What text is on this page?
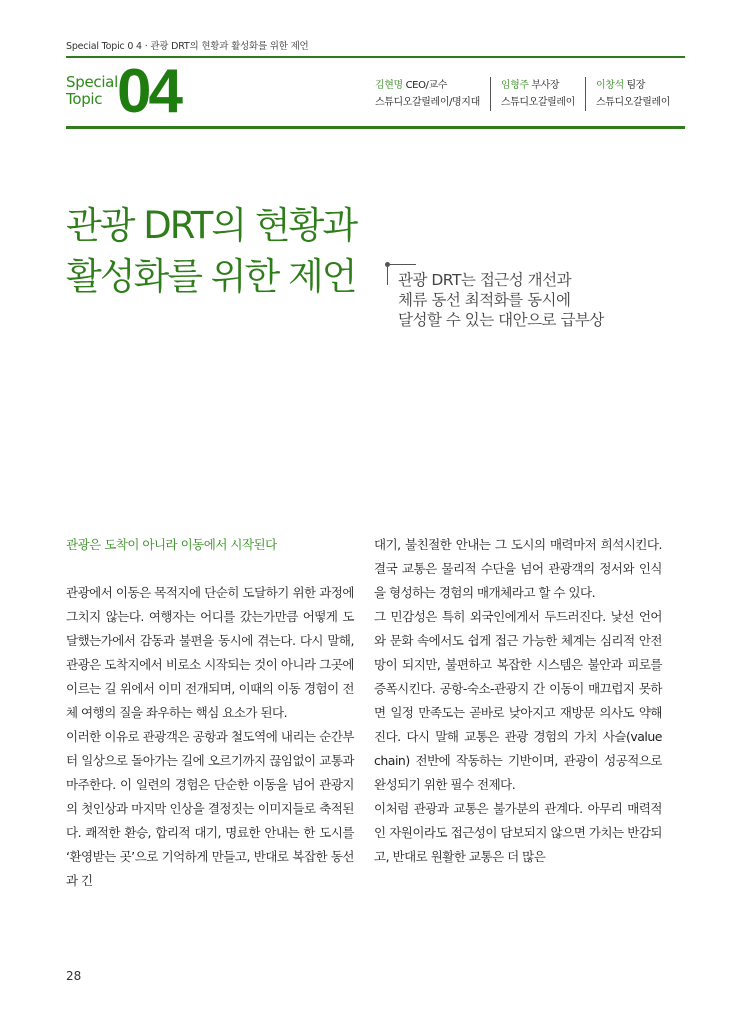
Special Topic 0 4 · 관광 DRT의 현황과 활성화를 위한 제언
Special
Topic 04	김현명 CEO/교수
스튜디오갈릴레이/명지대
임형주 부사장
스튜디오갈릴레이
이창석 팀장
스튜디오갈릴레이
관광 DRT의 현황과
활성화를 위한 제언	관광 DRT는 접근성 개선과
체류 동선 최적화를 동시에
달성할 수 있는 대안으로 급부상
관광은 도착이 아니라 이동에서 시작된다

관광에서 이동은 목적지에 단순히 도달하기 위한 과정에 그치지 않는다. 여행자는 어디를 갔는가만큼 어떻게 도달했는가에서 감동과 불편을 동시에 겪는다. 다시 말해, 관광은 도착지에서 비로소 시작되는 것이 아니라 그곳에 이르는 길 위에서 이미 전개되며, 이때의 이동 경험이 전체 여행의 질을 좌우하는 핵심 요소가 된다.

이러한 이유로 관광객은 공항과 철도역에 내리는 순간부터 일상으로 돌아가는 길에 오르기까지 끊임없이 교통과 마주한다. 이 일련의 경험은 단순한 이동을 넘어 관광지의 첫인상과 마지막 인상을 결정짓는 이미지들로 축적된다. 쾌적한 환승, 합리적 대기, 명료한 안내는 한 도시를 ‘환영받는 곳’으로 기억하게 만들고, 반대로 복잡한 동선과 긴

대기, 불친절한 안내는 그 도시의 매력마저 희석시킨다. 결국 교통은 물리적 수단을 넘어 관광객의 정서와 인식을 형성하는 경험의 매개체라고 할 수 있다.

그 민감성은 특히 외국인에게서 두드러진다. 낯선 언어와 문화 속에서도 쉽게 접근 가능한 체계는 심리적 안전망이 되지만, 불편하고 복잡한 시스템은 불안과 피로를 증폭시킨다. 공항-숙소-관광지 간 이동이 매끄럽지 못하면 일정 만족도는 곧바로 낮아지고 재방문 의사도 약해진다. 다시 말해 교통은 관광 경험의 가치 사슬(value chain) 전반에 작동하는 기반이며, 관광이 성공적으로 완성되기 위한 필수 전제다.

이처럼 관광과 교통은 불가분의 관계다. 아무리 매력적인 자원이라도 접근성이 담보되지 않으면 가치는 반감되고, 반대로 원활한 교통은 더 많은

28
